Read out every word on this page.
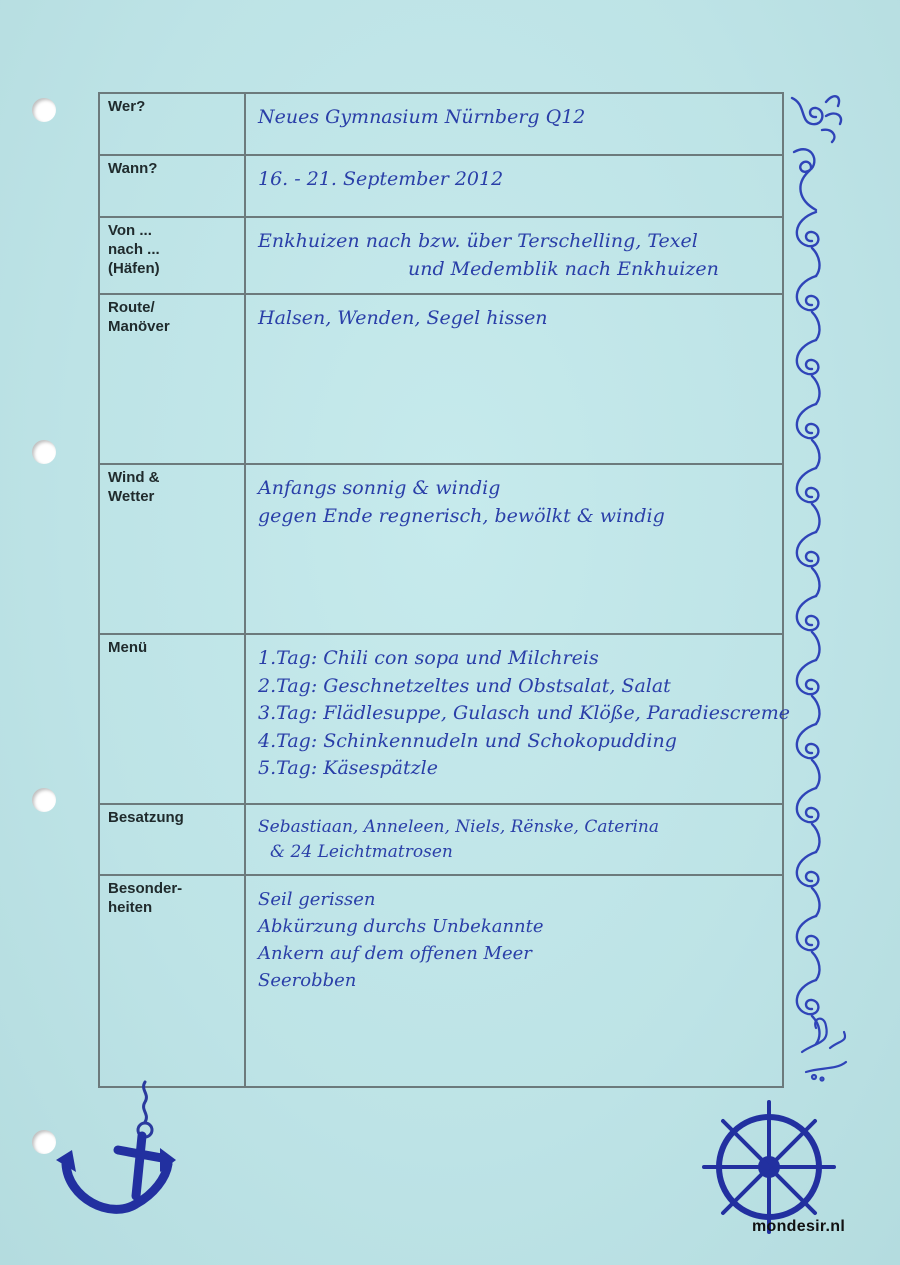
Wer?	Neues Gymnasium Nürnberg Q12

Wann?	16. - 21. September 2012

Von ...
nach ...
(Häfen)	Enkhuizen nach bzw. über Terschelling, Texel
und Medemblik nach Enkhuizen

Route/
Manöver	Halsen, Wenden, Segel hissen

Wind &
Wetter	Anfangs sonnig & windig
gegen Ende regnerisch, bewölkt & windig

Menü	1.Tag: Chili con sopa und Milchreis
2.Tag: Geschnetzeltes und Obstsalat, Salat
3.Tag: Flädlesuppe, Gulasch und Klöße, Paradiescreme
4.Tag: Schinkennudeln und Schokopudding
5.Tag: Käsespätzle

Besatzung	Sebastiaan, Anneleen, Niels, Rënske, Caterina
& 24 Leichtmatrosen

Besonder-
heiten	Seil gerissen
Abkürzung durchs Unbekannte
Ankern auf dem offenen Meer
Seerobben
mondesir.nl
